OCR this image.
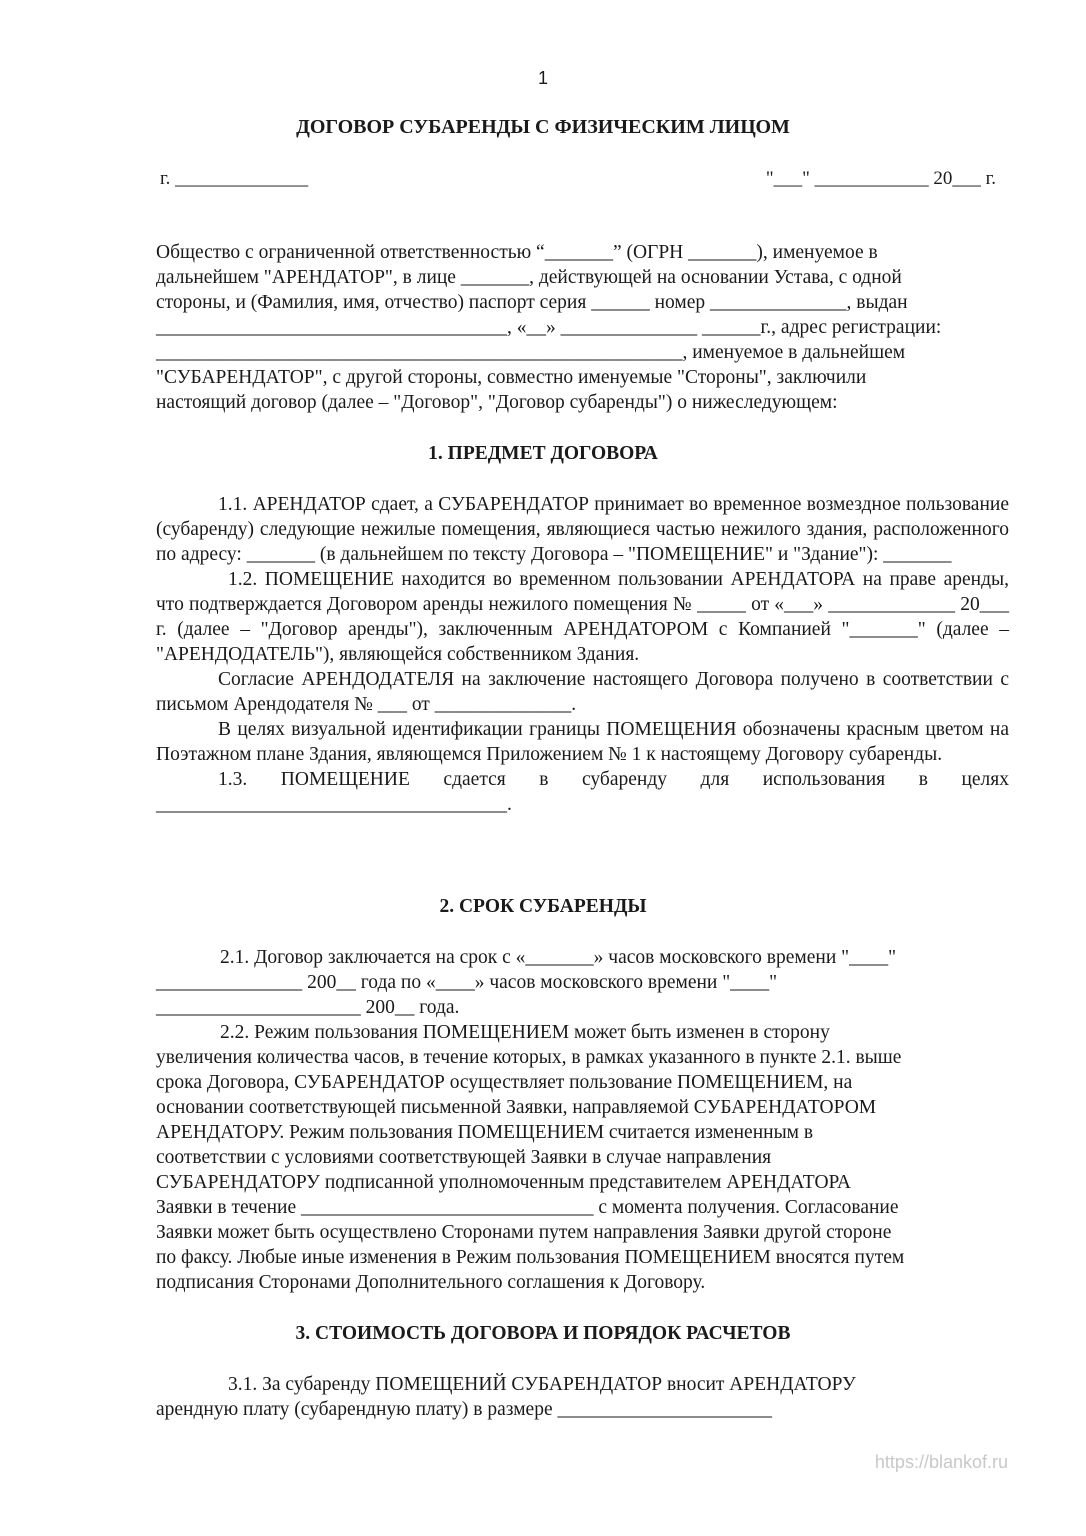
1
ДОГОВОР СУБАРЕНДЫ С ФИЗИЧЕСКИМ ЛИЦОМ
г. ______________	"___" ____________ 20___ г.
Общество с ограниченной ответственностью “_______” (ОГРН _______), именуемое в
дальнейшем "АРЕНДАТОР", в лице _______, действующей на основании Устава, с одной
стороны, и (Фамилия, имя, отчество) паспорт серия ______ номер ______________, выдан
____________________________________, «__» ______________ ______г., адрес регистрации:
______________________________________________________, именуемое в дальнейшем
"СУБАРЕНДАТОР", с другой стороны, совместно именуемые "Стороны", заключили
настоящий договор (далее – "Договор", "Договор субаренды") о нижеследующем:
1. ПРЕДМЕТ ДОГОВОРА

1.1. АРЕНДАТОР сдает, а СУБАРЕНДАТОР принимает во временное возмездное пользование (субаренду) следующие нежилые помещения, являющиеся частью нежилого здания, расположенного по адресу: _______ (в дальнейшем по тексту Договора – "ПОМЕЩЕНИЕ" и "Здание"): _______

1.2. ПОМЕЩЕНИЕ находится во временном пользовании АРЕНДАТОРА на праве аренды, что подтверждается Договором аренды нежилого помещения № _____ от «___» _____________ 20___ г. (далее – "Договор аренды"), заключенным АРЕНДАТОРОМ с Компанией "_______" (далее – "АРЕНДОДАТЕЛЬ"), являющейся собственником Здания.

Согласие АРЕНДОДАТЕЛЯ на заключение настоящего Договора получено в соответствии с письмом Арендодателя № ___ от ______________.

В целях визуальной идентификации границы ПОМЕЩЕНИЯ обозначены красным цветом на Поэтажном плане Здания, являющемся Приложением № 1 к настоящему Договору субаренды.

1.3. ПОМЕЩЕНИЕ сдается в субаренду для использования в целях ____________________________________.

2. СРОК СУБАРЕНДЫ
2.1. Договор заключается на срок с «_______» часов московского времени "____"
_______________ 200__ года по «____» часов московского времени "____"
_____________________ 200__ года.
2.2. Режим пользования ПОМЕЩЕНИЕМ может быть изменен в сторону
увеличения количества часов, в течение которых, в рамках указанного в пункте 2.1. выше
срока Договора, СУБАРЕНДАТОР осуществляет пользование ПОМЕЩЕНИЕМ, на
основании соответствующей письменной Заявки, направляемой СУБАРЕНДАТОРОМ
АРЕНДАТОРУ. Режим пользования ПОМЕЩЕНИЕМ считается измененным в
соответствии с условиями соответствующей Заявки в случае направления
СУБАРЕНДАТОРУ подписанной уполномоченным представителем АРЕНДАТОРА
Заявки в течение ______________________________ с момента получения. Согласование
Заявки может быть осуществлено Сторонами путем направления Заявки другой стороне
по факсу. Любые иные изменения в Режим пользования ПОМЕЩЕНИЕМ вносятся путем
подписания Сторонами Дополнительного соглашения к Договору.
3. СТОИМОСТЬ ДОГОВОРА И ПОРЯДОК РАСЧЕТОВ
3.1. За субаренду ПОМЕЩЕНИЙ СУБАРЕНДАТОР вносит АРЕНДАТОРУ
арендную плату (субарендную плату) в размере ______________________
https://blankof.ru
